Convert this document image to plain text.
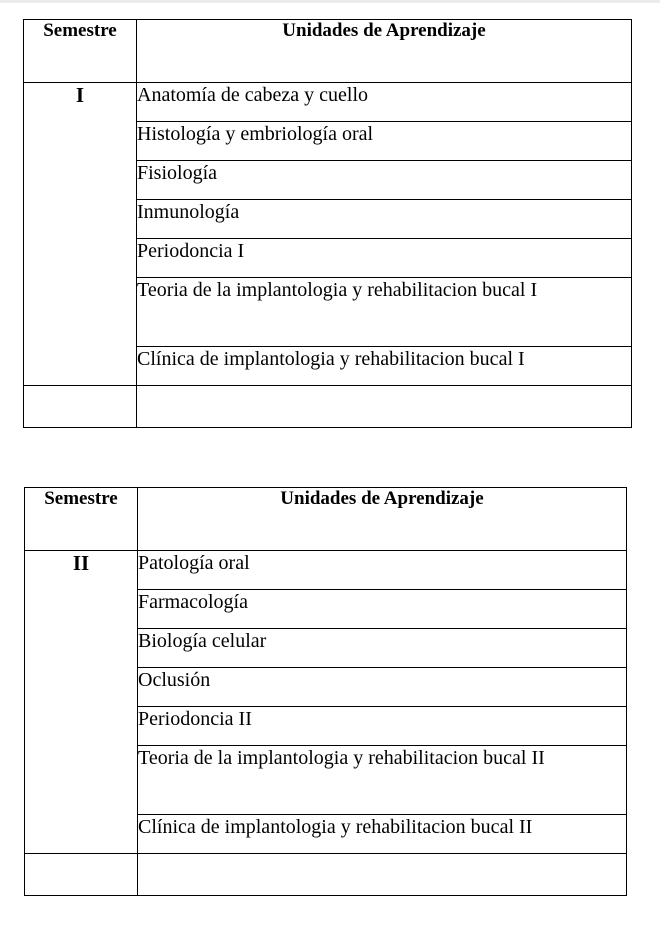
Semestre	Unidades de Aprendizaje
I	Anatomía de cabeza y cuello
	Histología y embriología oral
	Fisiología
	Inmunología
	Periodoncia I
	Teoria de la implantologia y rehabilitacion bucal I
	Clínica de implantologia y rehabilitacion bucal I

Semestre	Unidades de Aprendizaje
II	Patología oral
	Farmacología
	Biología celular
	Oclusión
	Periodoncia II
	Teoria de la implantologia y rehabilitacion bucal II
	Clínica de implantologia y rehabilitacion bucal II
